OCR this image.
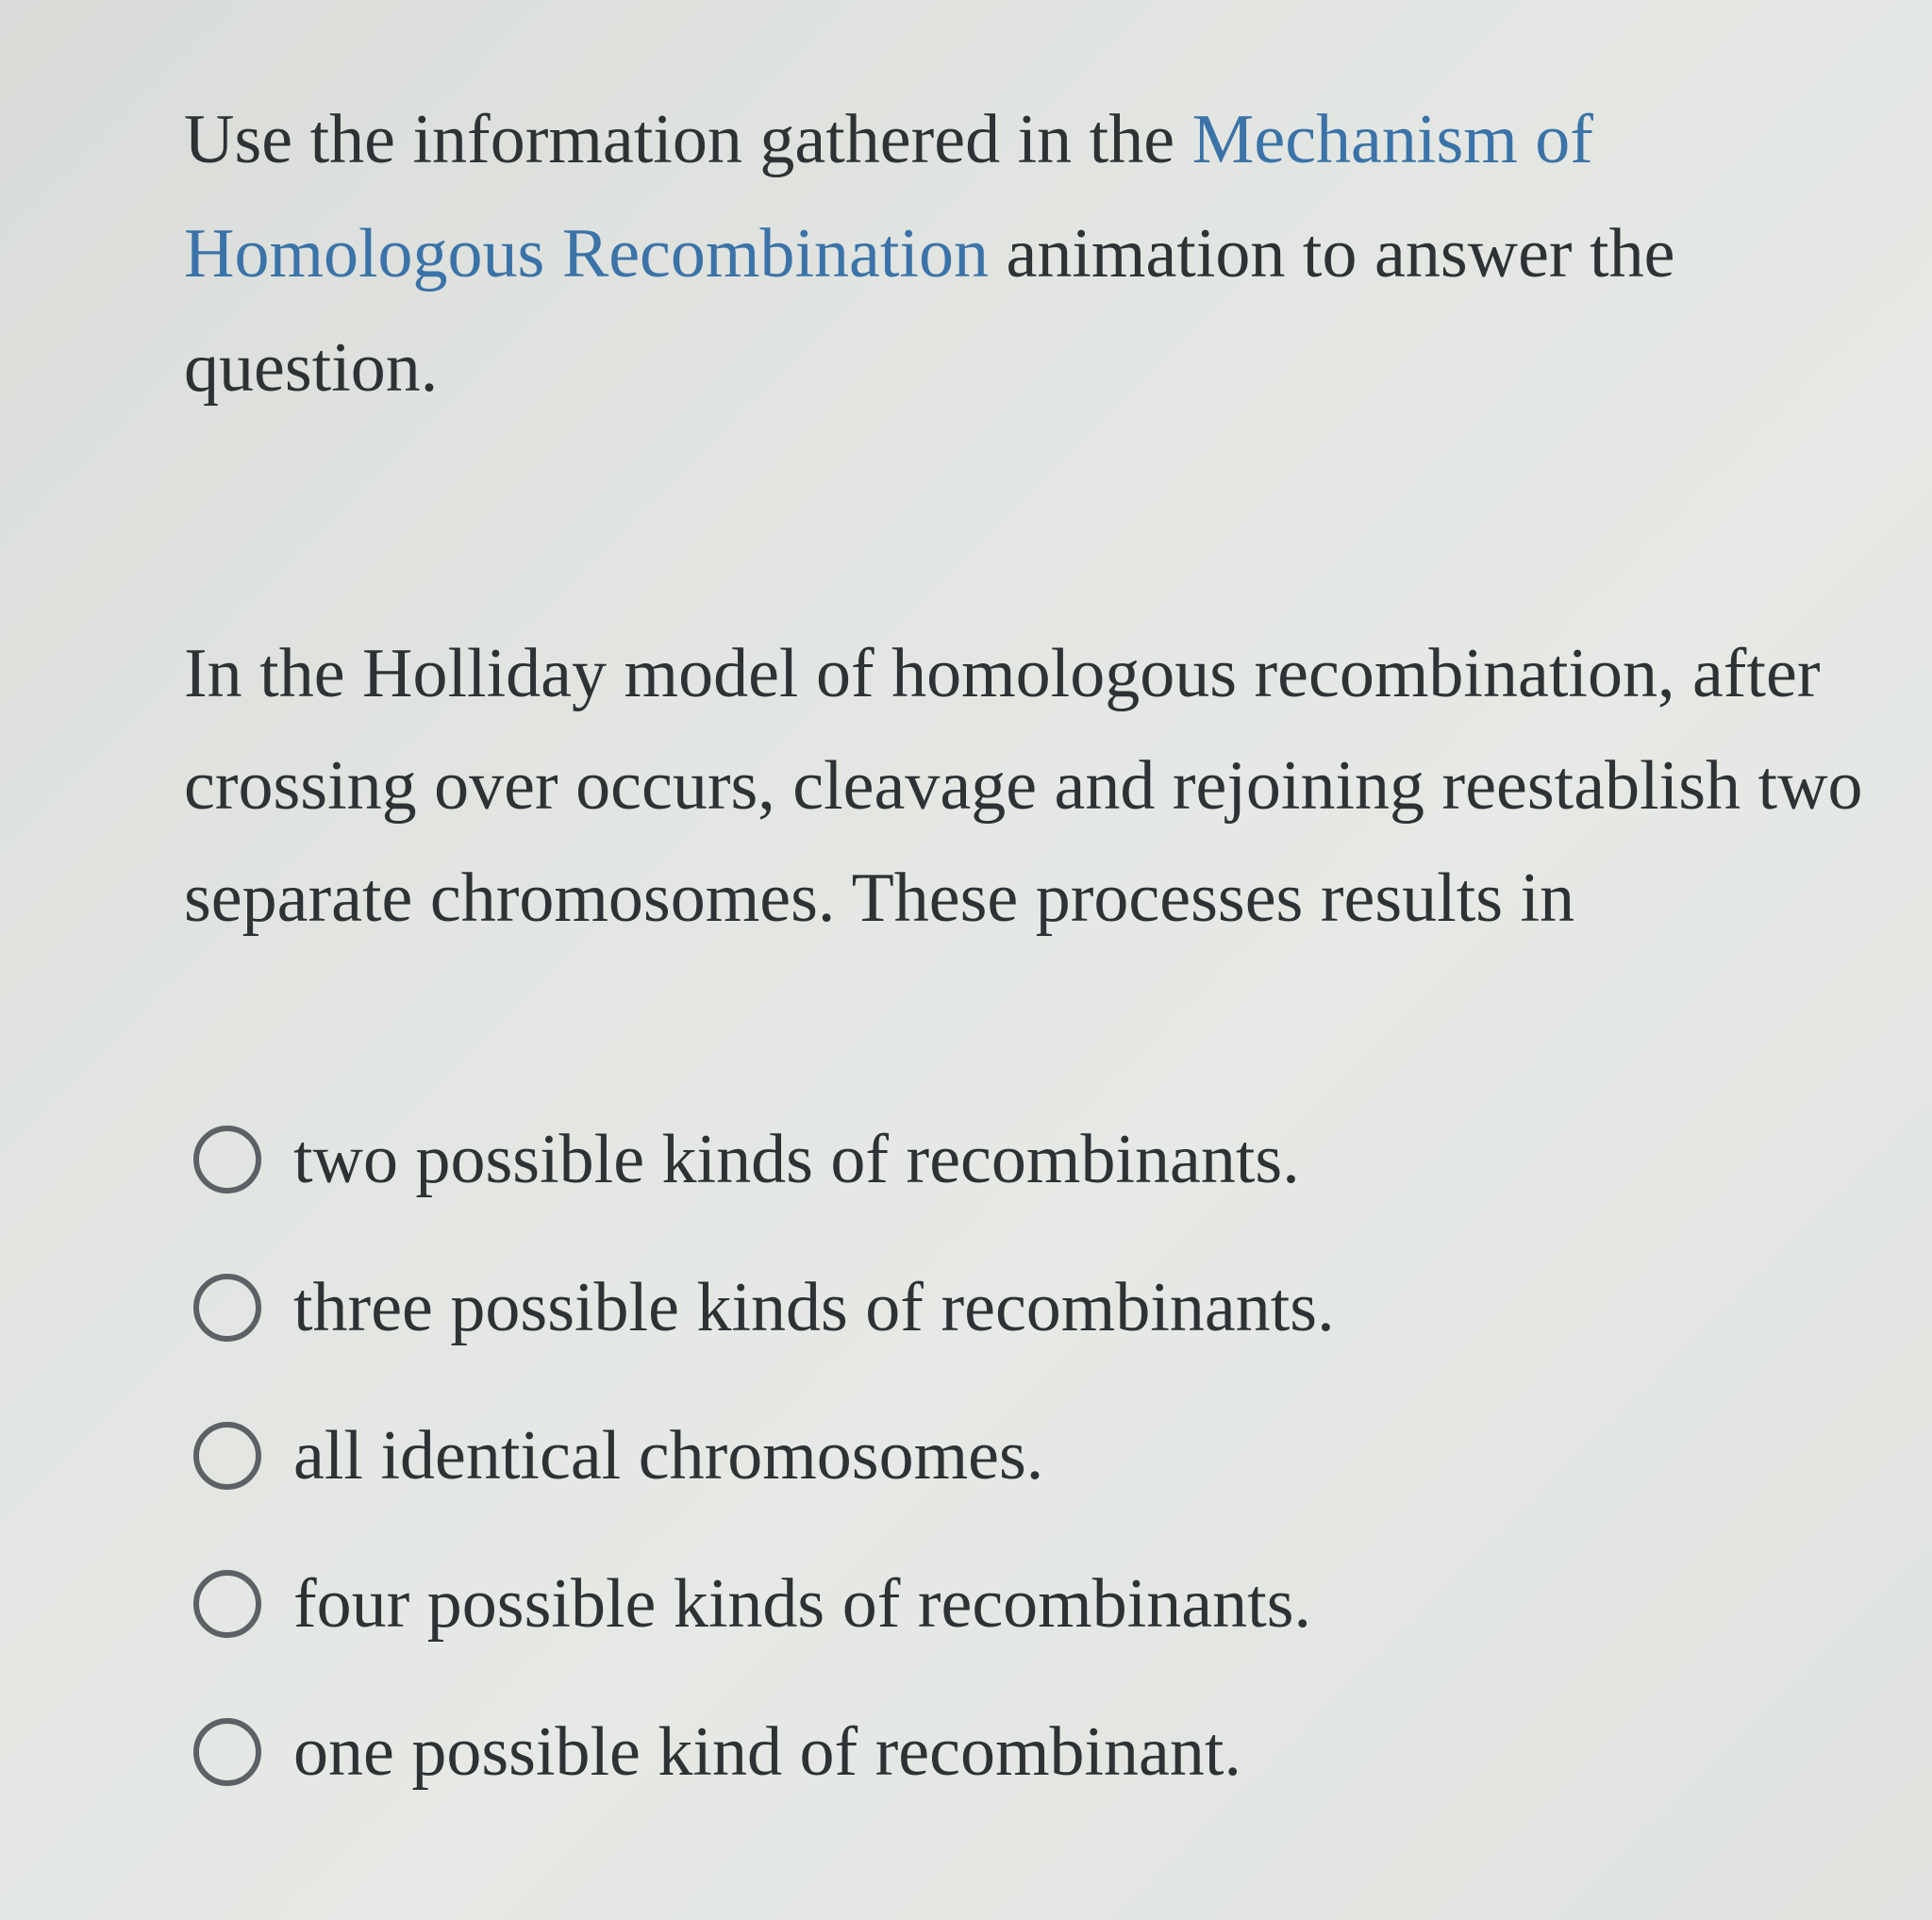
Use the information gathered in the Mechanism of Homologous Recombination animation to answer the question.
In the Holliday model of homologous recombination, after crossing over occurs, cleavage and rejoining reestablish two separate chromosomes. These processes results in
two possible kinds of recombinants.
three possible kinds of recombinants.
all identical chromosomes.
four possible kinds of recombinants.
one possible kind of recombinant.
